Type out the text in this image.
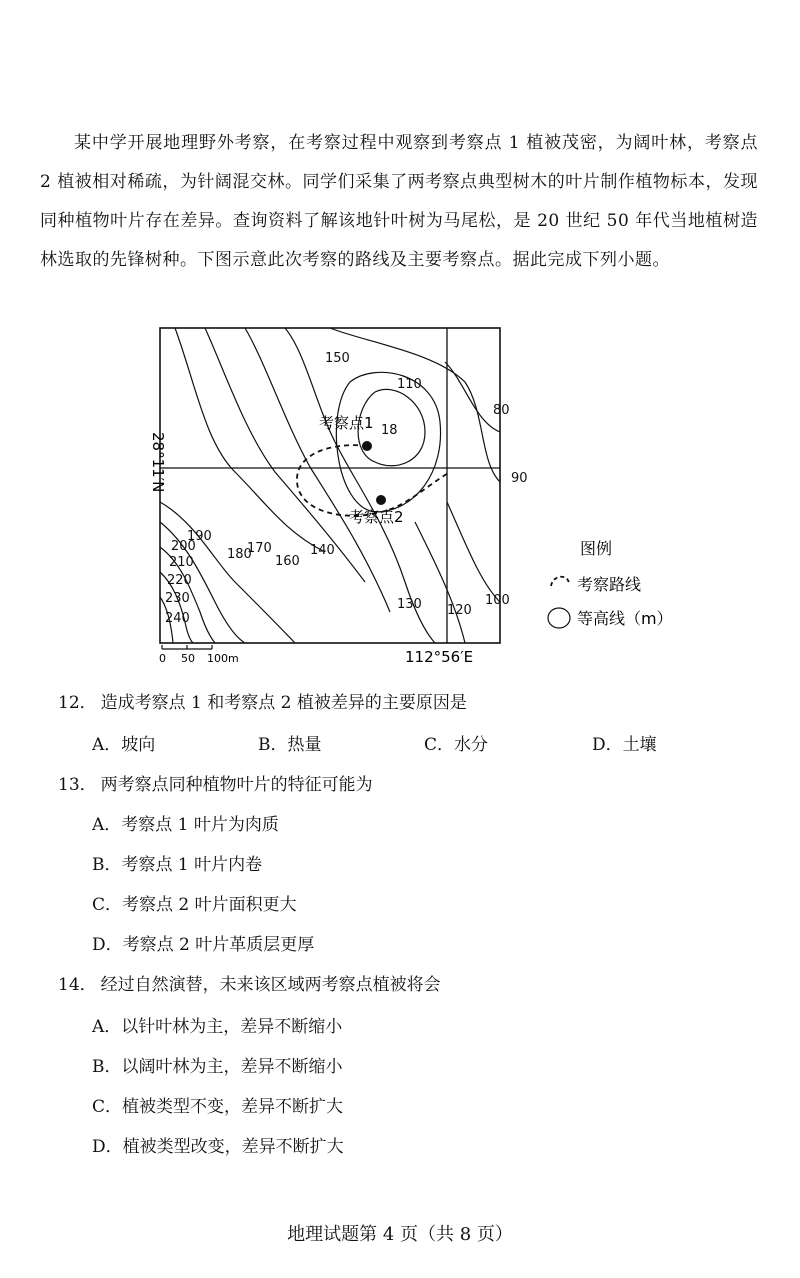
某中学开展地理野外考察，在考察过程中观察到考察点 1 植被茂密，为阔叶林，考察点 2 植被相对稀疏，为针阔混交林。同学们采集了两考察点典型树木的叶片制作植物标本，发现同种植物叶片存在差异。查询资料了解该地针叶树为马尾松，是 20 世纪 50 年代当地植树造林选取的先锋树种。下图示意此次考察的路线及主要考察点。据此完成下列小题。

考察点1
考察点2
150
110
80
90
100
120
130
140
160
170
180
190
200
210
220
230
240
18
28°11′N
112°56′E
0 50 100m
图例
考察路线
等高线（m）
12． 造成考察点 1 和考察点 2 植被差异的主要原因是
A．坡向	B．热量	C．水分	D．土壤
13． 两考察点同种植物叶片的特征可能为
A．考察点 1 叶片为肉质
B．考察点 1 叶片内卷
C．考察点 2 叶片面积更大
D．考察点 2 叶片革质层更厚
14． 经过自然演替，未来该区域两考察点植被将会
A．以针叶林为主，差异不断缩小
B．以阔叶林为主，差异不断缩小
C．植被类型不变，差异不断扩大
D．植被类型改变，差异不断扩大
地理试题第 4 页（共 8 页）
